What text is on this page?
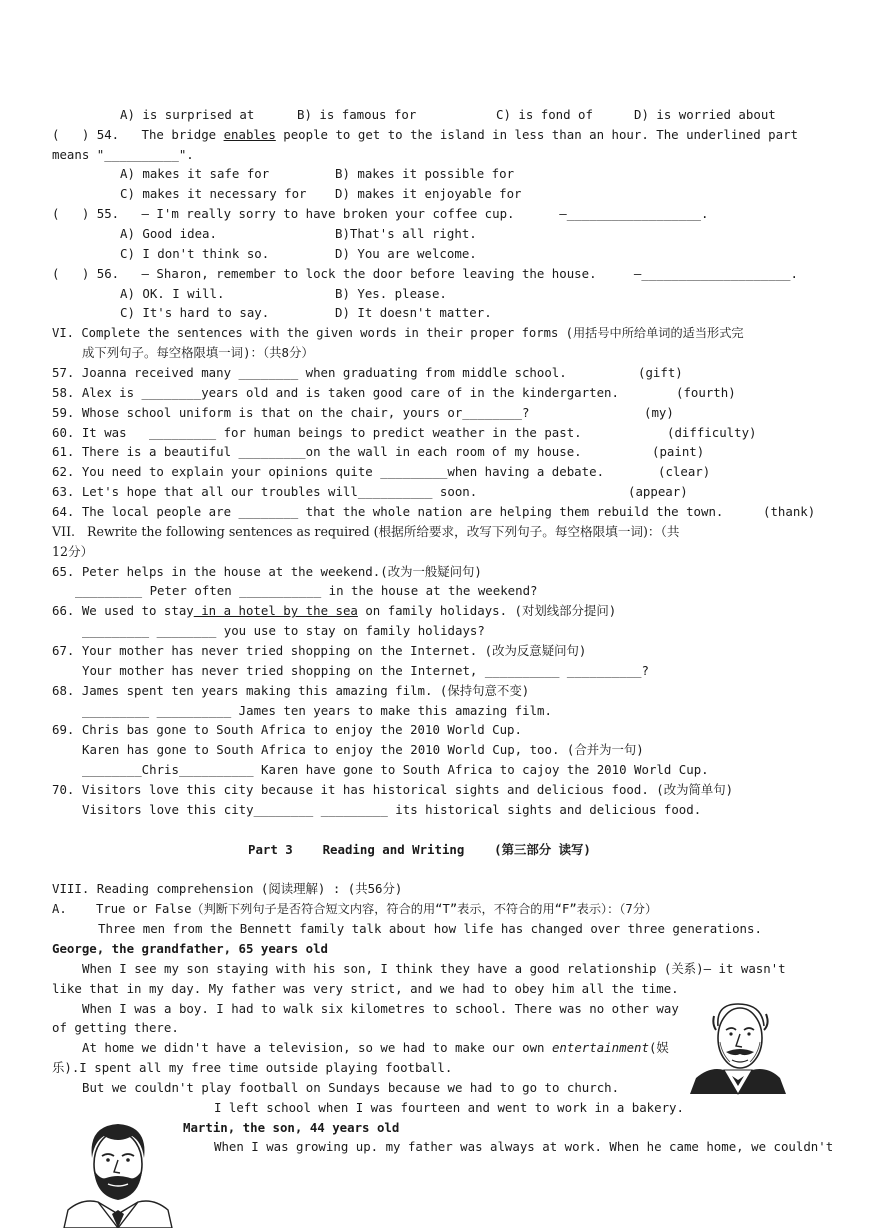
A) is surprised at	B) is famous for	C) is fond of	D) is worried about
(   ) 54.   The bridge enables people to get to the island in less than an hour. The underlined part
means "__________".
A) makes it safe for	B) makes it possible for
C) makes it necessary for D) makes it enjoyable for
(   ) 55.   — I'm really sorry to have broken your coffee cup.      —__________________.
A) Good idea.	B)That's all right.
C) I don't think so.	D) You are welcome.
(   ) 56.   — Sharon, remember to lock the door before leaving the house.     —____________________.
A) OK. I will.	B) Yes. please.
C) It's hard to say.	D) It doesn't matter.
VI. Complete the sentences with the given words in their proper forms (用括号中所给单词的适当形式完
成下列句子。每空格限填一词)：（共8分）
57. Joanna received many ________ when graduating from middle school.	(gift)
58. Alex is ________years old and is taken good care of in the kindergarten.	(fourth)
59. Whose school uniform is that on the chair, yours or________?	(my)
60. It was   _________ for human beings to predict weather in the past.	(difficulty)
61. There is a beautiful _________on the wall in each room of my house.	(paint)
62. You need to explain your opinions quite _________when having a debate.	(clear)
63. Let's hope that all our troubles will__________ soon.	(appear)
64. The local people are ________ that the whole nation are helping them rebuild the town.	(thank)
VII.   Rewrite the following sentences as required (根据所给要求，改写下列句子。每空格限填一词)：（共
12分）
65. Peter helps in the house at the weekend.(改为一般疑问句)
_________ Peter often ___________ in the house at the weekend?
66. We used to stay in a hotel by the sea on family holidays. (对划线部分提问)
_________ ________ you use to stay on family holidays?
67. Your mother has never tried shopping on the Internet. (改为反意疑问句)
Your mother has never tried shopping on the Internet, __________ __________?
68. James spent ten years making this amazing film. (保持句意不变)
_________ __________ James ten years to make this amazing film.
69. Chris bas gone to South Africa to enjoy the 2010 World Cup.
Karen has gone to South Africa to enjoy the 2010 World Cup, too. (合并为一句)
________Chris__________ Karen have gone to South Africa to cajoy the 2010 World Cup.
70. Visitors love this city because it has historical sights and delicious food. (改为简单句)
Visitors love this city________ _________ its historical sights and delicious food.
Part 3    Reading and Writing    (第三部分 读写)
VIII. Reading comprehension (阅读理解) : (共56分)
A.    True or False（判断下列句子是否符合短文内容，符合的用“T”表示，不符合的用“F”表示）：（7分）
Three men from the Bennett family talk about how life has changed over three generations.
George, the grandfather, 65 years old
When I see my son staying with his son, I think they have a good relationship (关系)— it wasn't
like that in my day. My father was very strict, and we had to obey him all the time.
When I was a boy. I had to walk six kilometres to school. There was no other way
of getting there.
At home we didn't have a television, so we had to make our own entertainment(娱
乐).I spent all my free time outside playing football.
But we couldn't play football on Sundays because we had to go to church.
I left school when I was fourteen and went to work in a bakery.
Martin, the son, 44 years old
When I was growing up. my father was always at work. When he came home, we couldn't
